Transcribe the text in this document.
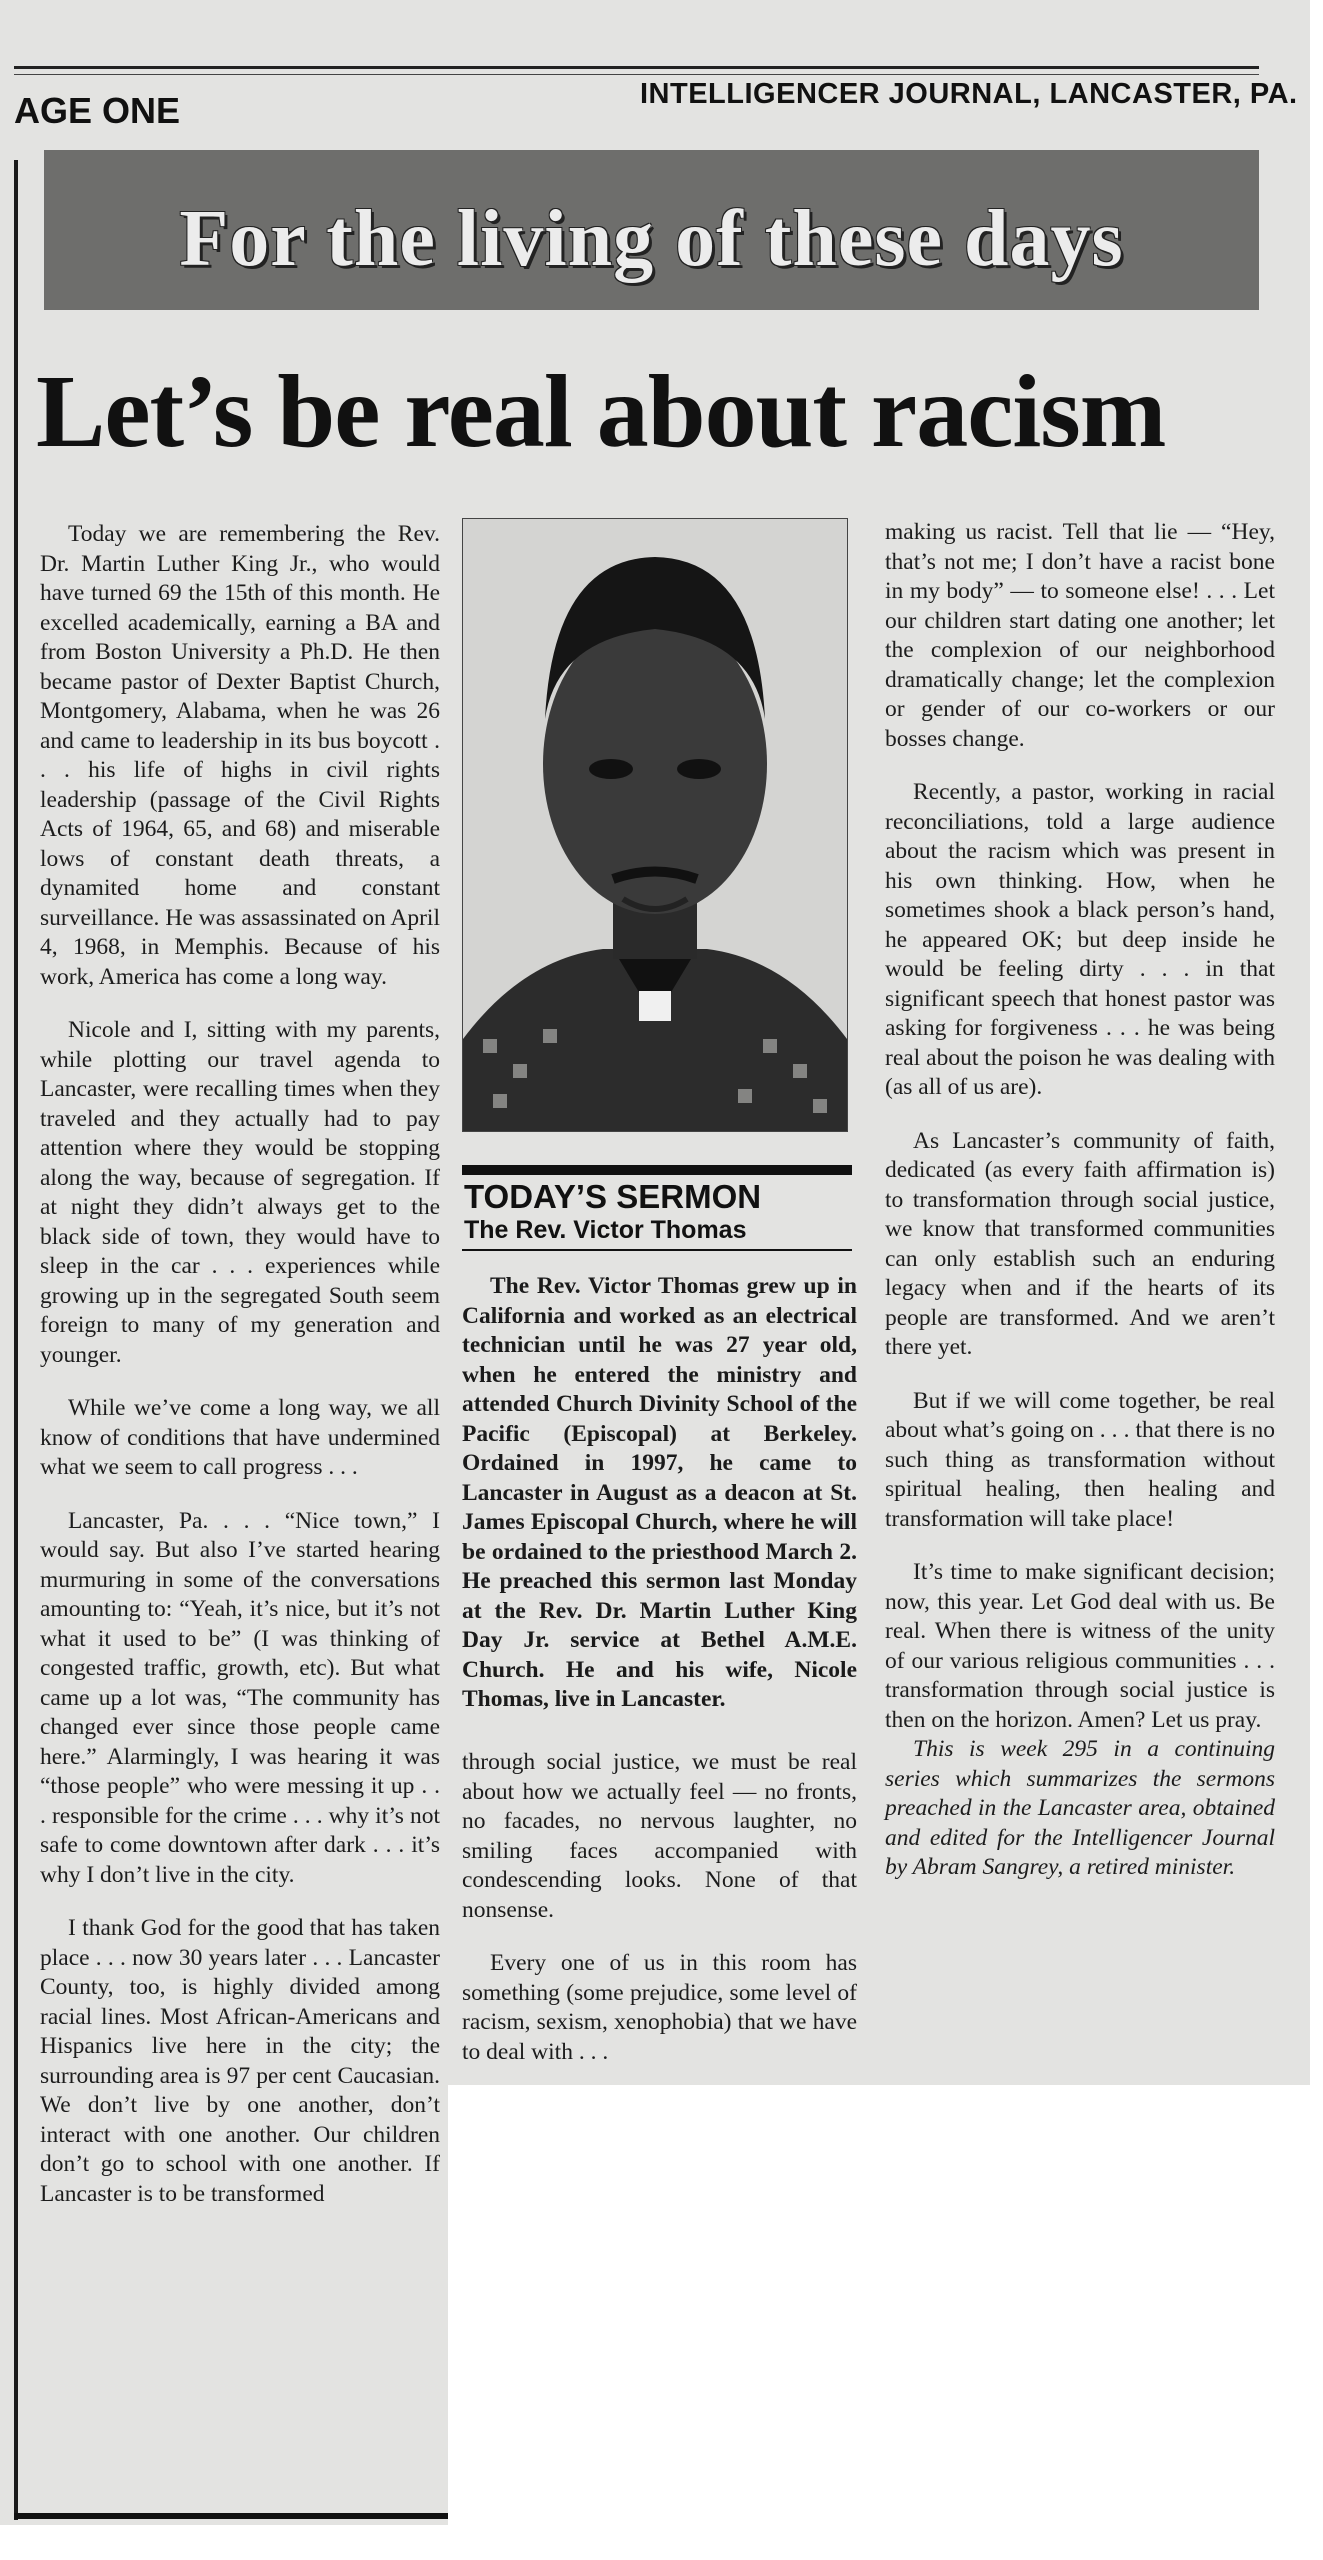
AGE ONE	INTELLIGENCER JOURNAL, LANCASTER, PA.
For the living of these days
Let’s be real about racism

Today we are remembering the Rev. Dr. Martin Luther King Jr., who would have turned 69 the 15th of this month. He excelled academically, earning a BA and from Boston University a Ph.D. He then became pastor of Dexter Baptist Church, Montgomery, Alabama, when he was 26 and came to leadership in its bus boycott . . . his life of highs in civil rights leadership (passage of the Civil Rights Acts of 1964, 65, and 68) and miserable lows of constant death threats, a dynamited home and constant surveillance. He was assassinated on April 4, 1968, in Memphis. Because of his work, America has come a long way.

Nicole and I, sitting with my parents, while plotting our travel agenda to Lancaster, were recalling times when they traveled and they actually had to pay attention where they would be stopping along the way, because of segregation. If at night they didn’t always get to the black side of town, they would have to sleep in the car . . . experiences while growing up in the segregated South seem foreign to many of my generation and younger.

While we’ve come a long way, we all know of conditions that have undermined what we seem to call progress . . .

Lancaster, Pa. . . . “Nice town,” I would say. But also I’ve started hearing murmuring in some of the conversations amounting to: “Yeah, it’s nice, but it’s not what it used to be” (I was thinking of congested traffic, growth, etc). But what came up a lot was, “The community has changed ever since those people came here.” Alarmingly, I was hearing it was “those people” who were messing it up . . . responsible for the crime . . . why it’s not safe to come downtown after dark . . . it’s why I don’t live in the city.

I thank God for the good that has taken place . . . now 30 years later . . . Lancaster County, too, is highly divided among racial lines. Most African-Americans and Hispanics live here in the city; the surrounding area is 97 per cent Caucasian. We don’t live by one another, don’t interact with one another. Our children don’t go to school with one another. If Lancaster is to be transformed

TODAY’S SERMON
The Rev. Victor Thomas

The Rev. Victor Thomas grew up in California and worked as an electrical technician until he was 27 year old, when he entered the ministry and attended Church Divinity School of the Pacific (Episcopal) at Berkeley. Ordained in 1997, he came to Lancaster in August as a deacon at St. James Episcopal Church, where he will be ordained to the priesthood March 2. He preached this sermon last Monday at the Rev. Dr. Martin Luther King Day Jr. service at Bethel A.M.E. Church. He and his wife, Nicole Thomas, live in Lancaster.

through social justice, we must be real about how we actually feel — no fronts, no facades, no nervous laughter, no smiling faces accompanied with condescending looks. None of that nonsense.

Every one of us in this room has something (some prejudice, some level of racism, sexism, xenophobia) that we have to deal with . . .

making us racist. Tell that lie — “Hey, that’s not me; I don’t have a racist bone in my body” — to someone else! . . . Let our children start dating one another; let the complexion of our neighborhood dramatically change; let the complexion or gender of our co-workers or our bosses change.

Recently, a pastor, working in racial reconciliations, told a large audience about the racism which was present in his own thinking. How, when he sometimes shook a black person’s hand, he appeared OK; but deep inside he would be feeling dirty . . . in that significant speech that honest pastor was asking for forgiveness . . . he was being real about the poison he was dealing with (as all of us are).

As Lancaster’s community of faith, dedicated (as every faith affirmation is) to transformation through social justice, we know that transformed communities can only establish such an enduring legacy when and if the hearts of its people are transformed. And we aren’t there yet.

But if we will come together, be real about what’s going on . . . that there is no such thing as transformation without spiritual healing, then healing and transformation will take place!

It’s time to make significant decision; now, this year. Let God deal with us. Be real. When there is witness of the unity of our various religious communities . . . transformation through social justice is then on the horizon. Amen? Let us pray.

This is week 295 in a continuing series which summarizes the sermons preached in the Lancaster area, obtained and edited for the Intelligencer Journal by Abram Sangrey, a retired minister.
